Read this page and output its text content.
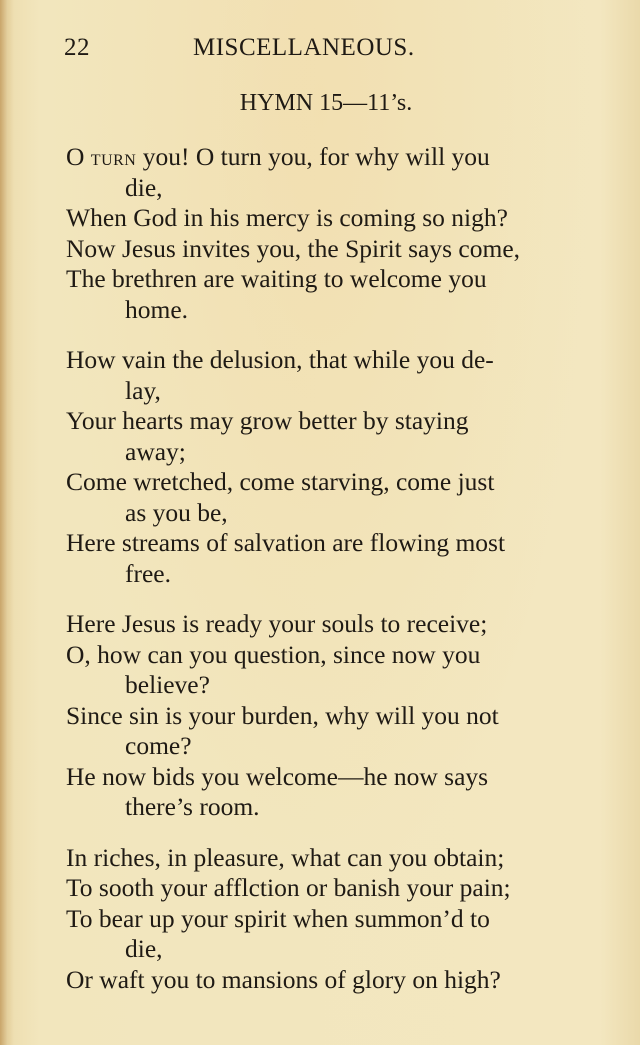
22	MISCELLANEOUS.
HYMN 15—11’s.
O turn you! O turn you, for why will you
die,
When God in his mercy is coming so nigh?
Now Jesus invites you, the Spirit says come,
The brethren are waiting to welcome you
home.
How vain the delusion, that while you de-
lay,
Your hearts may grow better by staying
away;
Come wretched, come starving, come just
as you be,
Here streams of salvation are flowing most
free.
Here Jesus is ready your souls to receive;
O, how can you question, since now you
believe?
Since sin is your burden, why will you not
come?
He now bids you welcome—he now says
there’s room.
In riches, in pleasure, what can you obtain;
To sooth your afflction or banish your pain;
To bear up your spirit when summon’d to
die,
Or waft you to mansions of glory on high?
